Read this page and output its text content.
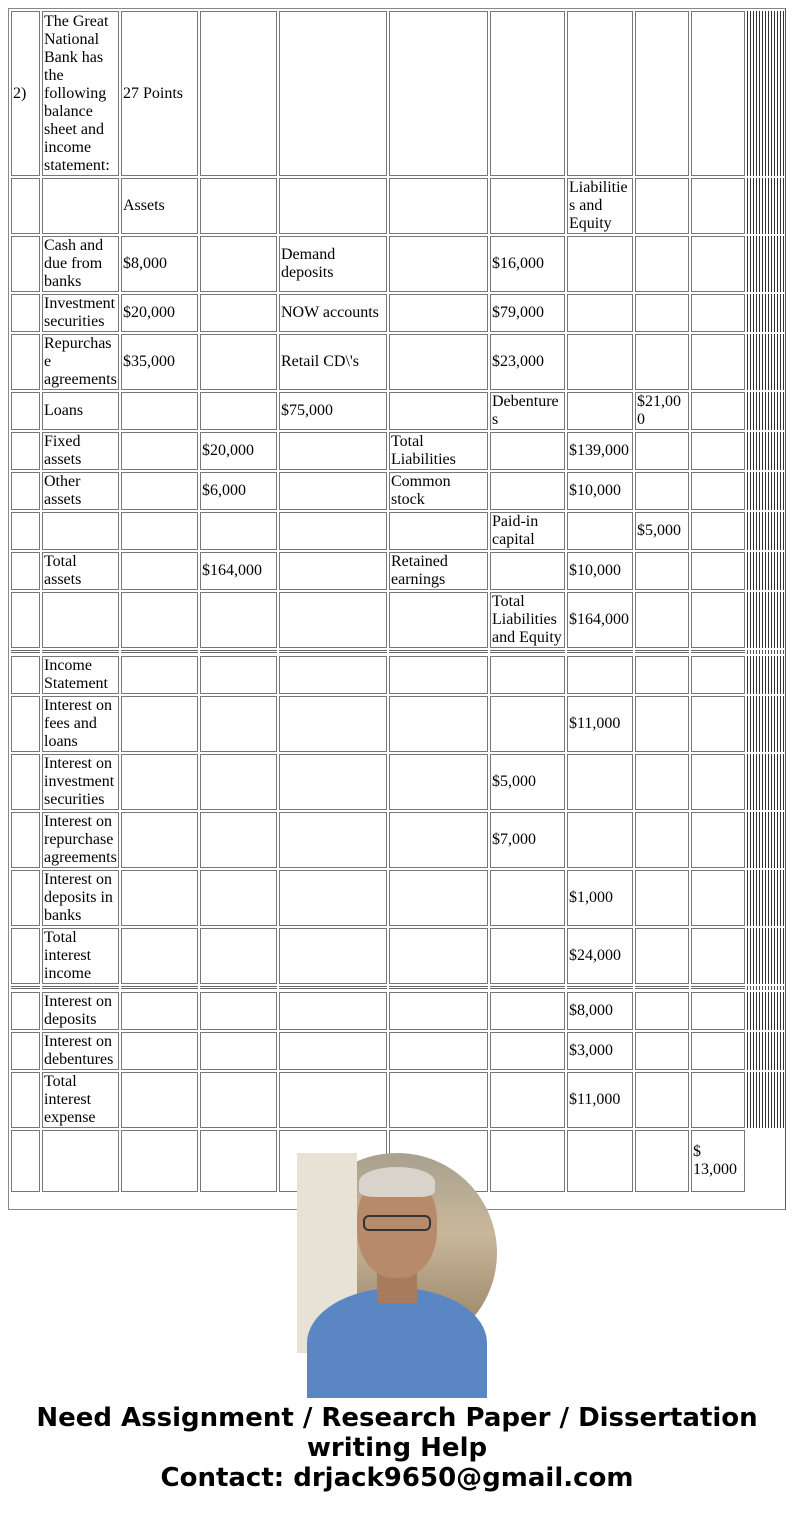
2)	The Great National Bank has the following balance sheet and income statement:	27 Points								
		Assets					Liabilities and Equity			
	Cash and due from banks	$8,000		Demand deposits		$16,000				
	Investment securities	$20,000		NOW accounts		$79,000				
	Repurchase agreements	$35,000		Retail CD\'s		$23,000				
	Loans			$75,000		Debentures		$21,000		
	Fixed assets		$20,000		Total Liabilities		$139,000			
	Other assets		$6,000		Common stock		$10,000			
						Paid-in capital		$5,000		
	Total assets		$164,000		Retained earnings		$10,000			
						Total Liabilities and Equity	$164,000			

	Income Statement									
	Interest on fees and loans						$11,000			
	Interest on investment securities					$5,000				
	Interest on repurchase agreements					$7,000				
	Interest on deposits in banks						$1,000			
	Total interest income						$24,000			

	Interest on deposits						$8,000			
	Interest on debentures						$3,000			
	Total interest expense						$11,000			
									$ 13,000	
Need Assignment / Research Paper / Dissertation
writing Help
Contact: drjack9650@gmail.com
